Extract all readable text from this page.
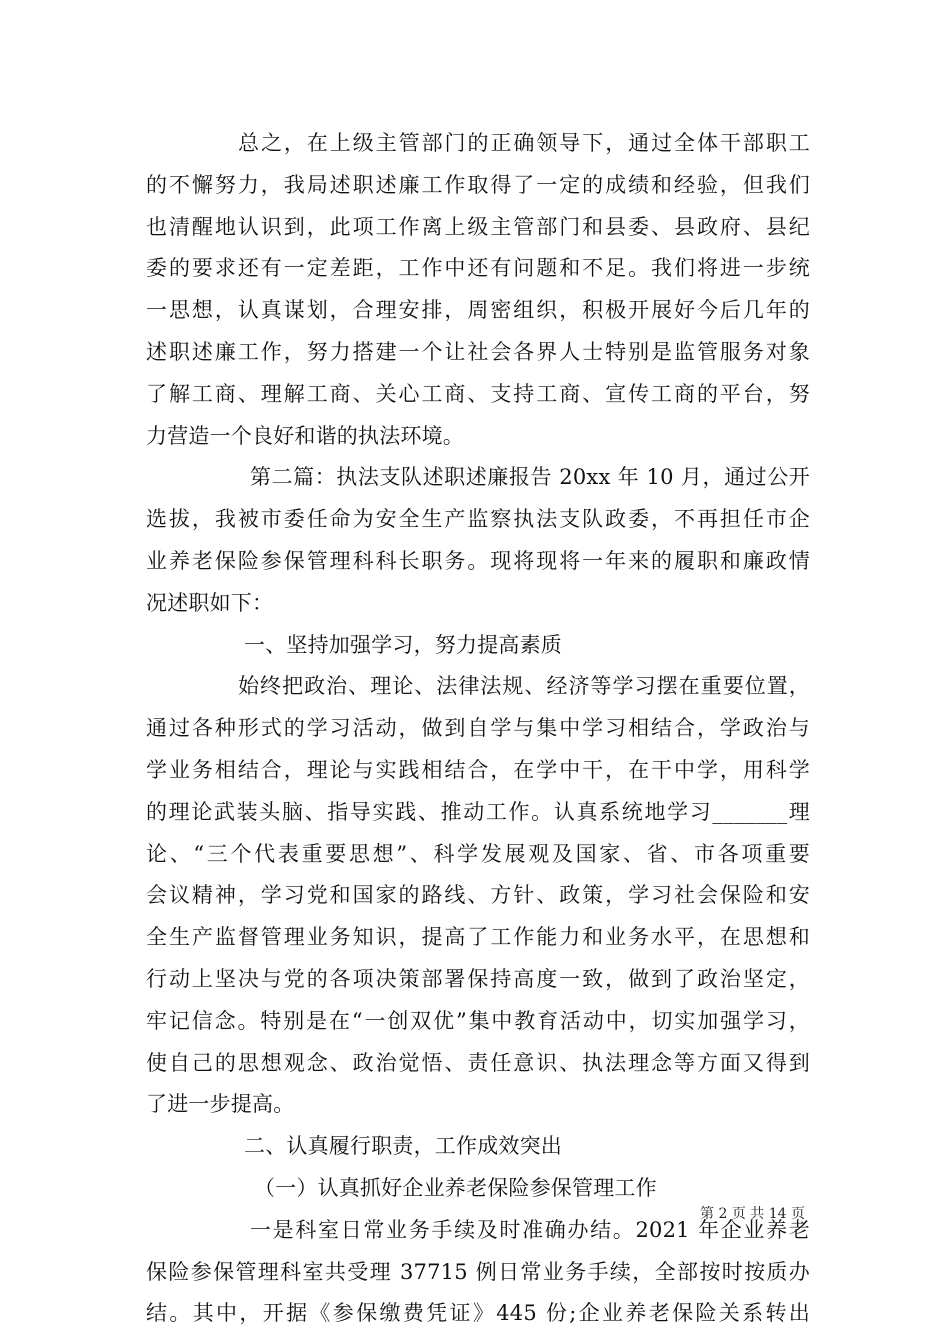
总之，在上级主管部门的正确领导下，通过全体干部职工
的不懈努力，我局述职述廉工作取得了一定的成绩和经验，但我们
也清醒地认识到，此项工作离上级主管部门和县委、县政府、县纪
委的要求还有一定差距，工作中还有问题和不足。我们将进一步统
一思想，认真谋划，合理安排，周密组织，积极开展好今后几年的
述职述廉工作，努力搭建一个让社会各界人士特别是监管服务对象
了解工商、理解工商、关心工商、支持工商、宣传工商的平台，努
力营造一个良好和谐的执法环境。
第二篇：执法支队述职述廉报告 20xx 年 10 月，通过公开
选拔，我被市委任命为安全生产监察执法支队政委，不再担任市企
业养老保险参保管理科科长职务。现将现将一年来的履职和廉政情
况述职如下：
一、坚持加强学习，努力提高素质
始终把政治、理论、法律法规、经济等学习摆在重要位置，
通过各种形式的学习活动，做到自学与集中学习相结合，学政治与
学业务相结合，理论与实践相结合，在学中干，在干中学，用科学
的理论武装头脑、指导实践、推动工作。认真系统地学习_______理
论、“三个代表重要思想”、科学发展观及国家、省、市各项重要
会议精神，学习党和国家的路线、方针、政策，学习社会保险和安
全生产监督管理业务知识，提高了工作能力和业务水平，在思想和
行动上坚决与党的各项决策部署保持高度一致，做到了政治坚定，
牢记信念。特别是在“一创双优”集中教育活动中，切实加强学习，
使自己的思想观念、政治觉悟、责任意识、执法理念等方面又得到
了进一步提高。
二、认真履行职责，工作成效突出
（一）认真抓好企业养老保险参保管理工作
一是科室日常业务手续及时准确办结。2021 年企业养老
保险参保管理科室共受理 37715 例日常业务手续，全部按时按质办
结。其中，开据《参保缴费凭证》445 份;企业养老保险关系转出
第 2 页 共 14 页
